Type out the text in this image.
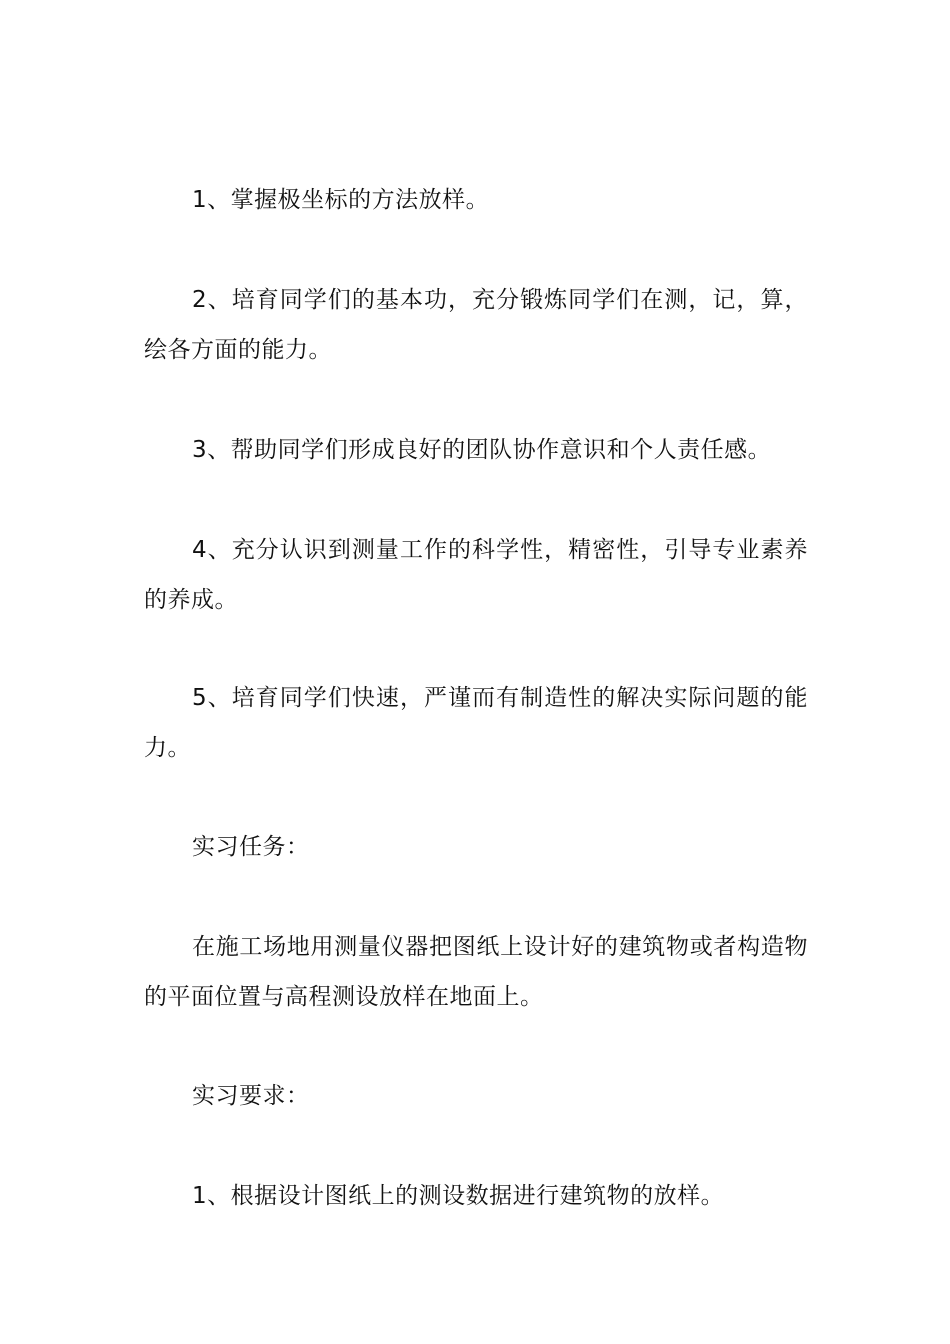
1、掌握极坐标的方法放样。

2、培育同学们的基本功，充分锻炼同学们在测，记，算，绘各方面的能力。

3、帮助同学们形成良好的团队协作意识和个人责任感。

4、充分认识到测量工作的科学性，精密性，引导专业素养的养成。

5、培育同学们快速，严谨而有制造性的解决实际问题的能力。

实习任务：

在施工场地用测量仪器把图纸上设计好的建筑物或者构造物的平面位置与高程测设放样在地面上。

实习要求：

1、根据设计图纸上的测设数据进行建筑物的放样。
